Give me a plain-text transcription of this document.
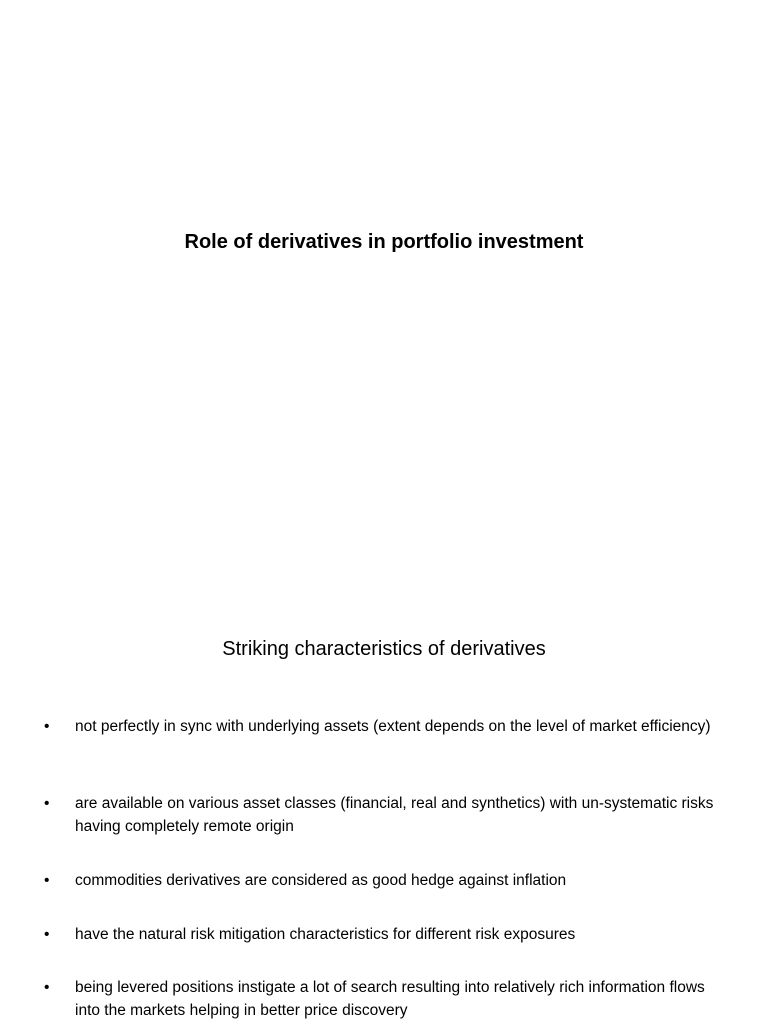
Role of derivatives in portfolio investment
Striking characteristics of derivatives
•	not perfectly in sync with underlying assets (extent depends on the level of market efficiency)
•	are available on various asset classes (financial, real and synthetics) with un-systematic risks having completely remote origin
•	commodities derivatives are considered as good hedge against inflation
•	have the natural risk mitigation characteristics for different risk exposures
•	being levered positions instigate a lot of search resulting into relatively rich information flows into the markets helping in better price discovery
